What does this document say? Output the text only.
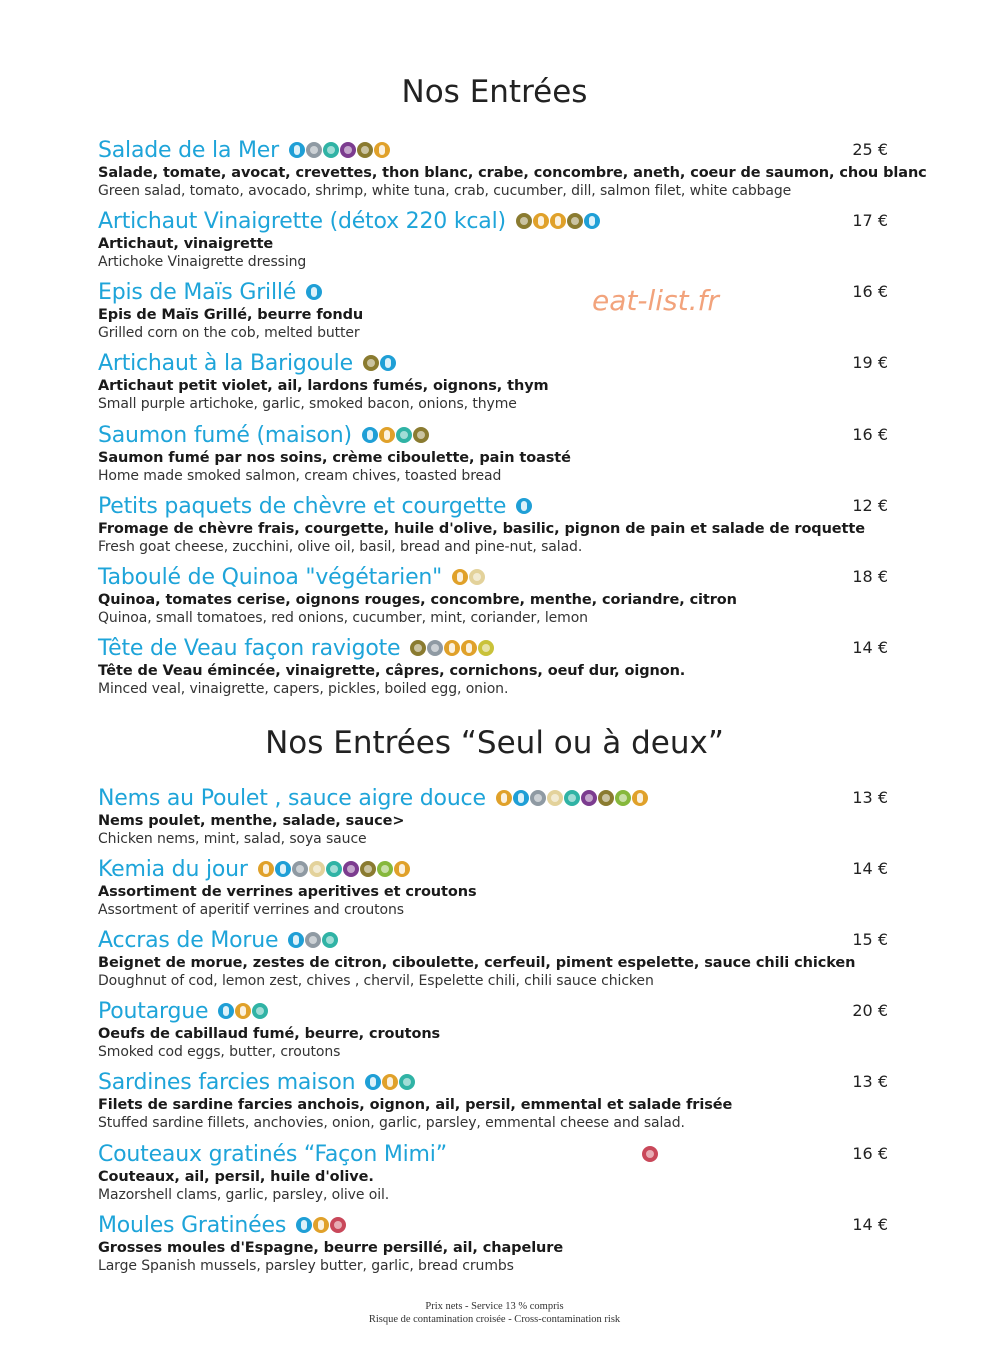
Nos Entrées
Nos Entrées “Seul ou à deux”
eat-list.fr
Salade de la Mer
Salade, tomate, avocat, crevettes, thon blanc, crabe, concombre, aneth, coeur de saumon, chou blanc
Green salad, tomato, avocado, shrimp, white tuna, crab, cucumber, dill, salmon filet, white cabbage
25 €
Artichaut Vinaigrette (détox 220 kcal)
Artichaut, vinaigrette
Artichoke Vinaigrette dressing
17 €
Epis de Maïs Grillé
Epis de Maïs Grillé, beurre fondu
Grilled corn on the cob, melted butter
16 €
Artichaut à la Barigoule
Artichaut petit violet, ail, lardons fumés, oignons, thym
Small purple artichoke, garlic, smoked bacon, onions, thyme
19 €
Saumon fumé (maison)
Saumon fumé par nos soins, crème ciboulette, pain toasté
Home made smoked salmon, cream chives, toasted bread
16 €
Petits paquets de chèvre et courgette
Fromage de chèvre frais, courgette, huile d'olive, basilic, pignon de pain et salade de roquette
Fresh goat cheese, zucchini, olive oil, basil, bread and pine-nut, salad.
12 €
Taboulé de Quinoa "végétarien"
Quinoa, tomates cerise, oignons rouges, concombre, menthe, coriandre, citron
Quinoa, small tomatoes, red onions, cucumber, mint, coriander, lemon
18 €
Tête de Veau façon ravigote
Tête de Veau émincée, vinaigrette, câpres, cornichons, oeuf dur, oignon.
Minced veal, vinaigrette, capers, pickles, boiled egg, onion.
14 €
Nems au Poulet , sauce aigre douce
Nems poulet, menthe, salade, sauce>
Chicken nems, mint, salad, soya sauce
13 €
Kemia du jour
Assortiment de verrines aperitives et croutons
Assortment of aperitif verrines and croutons
14 €
Accras de Morue
Beignet de morue, zestes de citron, ciboulette, cerfeuil, piment espelette, sauce chili chicken
Doughnut of cod, lemon zest, chives , chervil, Espelette chili, chili sauce chicken
15 €
Poutargue
Oeufs de cabillaud fumé, beurre, croutons
Smoked cod eggs, butter, croutons
20 €
Sardines farcies maison
Filets de sardine farcies anchois, oignon, ail, persil, emmental et salade frisée
Stuffed sardine fillets, anchovies, onion, garlic, parsley, emmental cheese and salad.
13 €
Couteaux gratinés “Façon Mimi”
Couteaux, ail, persil, huile d'olive.
Mazorshell clams, garlic, parsley, olive oil.
16 €
Moules Gratinées
Grosses moules d'Espagne, beurre persillé, ail, chapelure
Large Spanish mussels, parsley butter, garlic, bread crumbs
14 €
Prix nets - Service 13 % compris
Risque de contamination croisée - Cross-contamination risk
